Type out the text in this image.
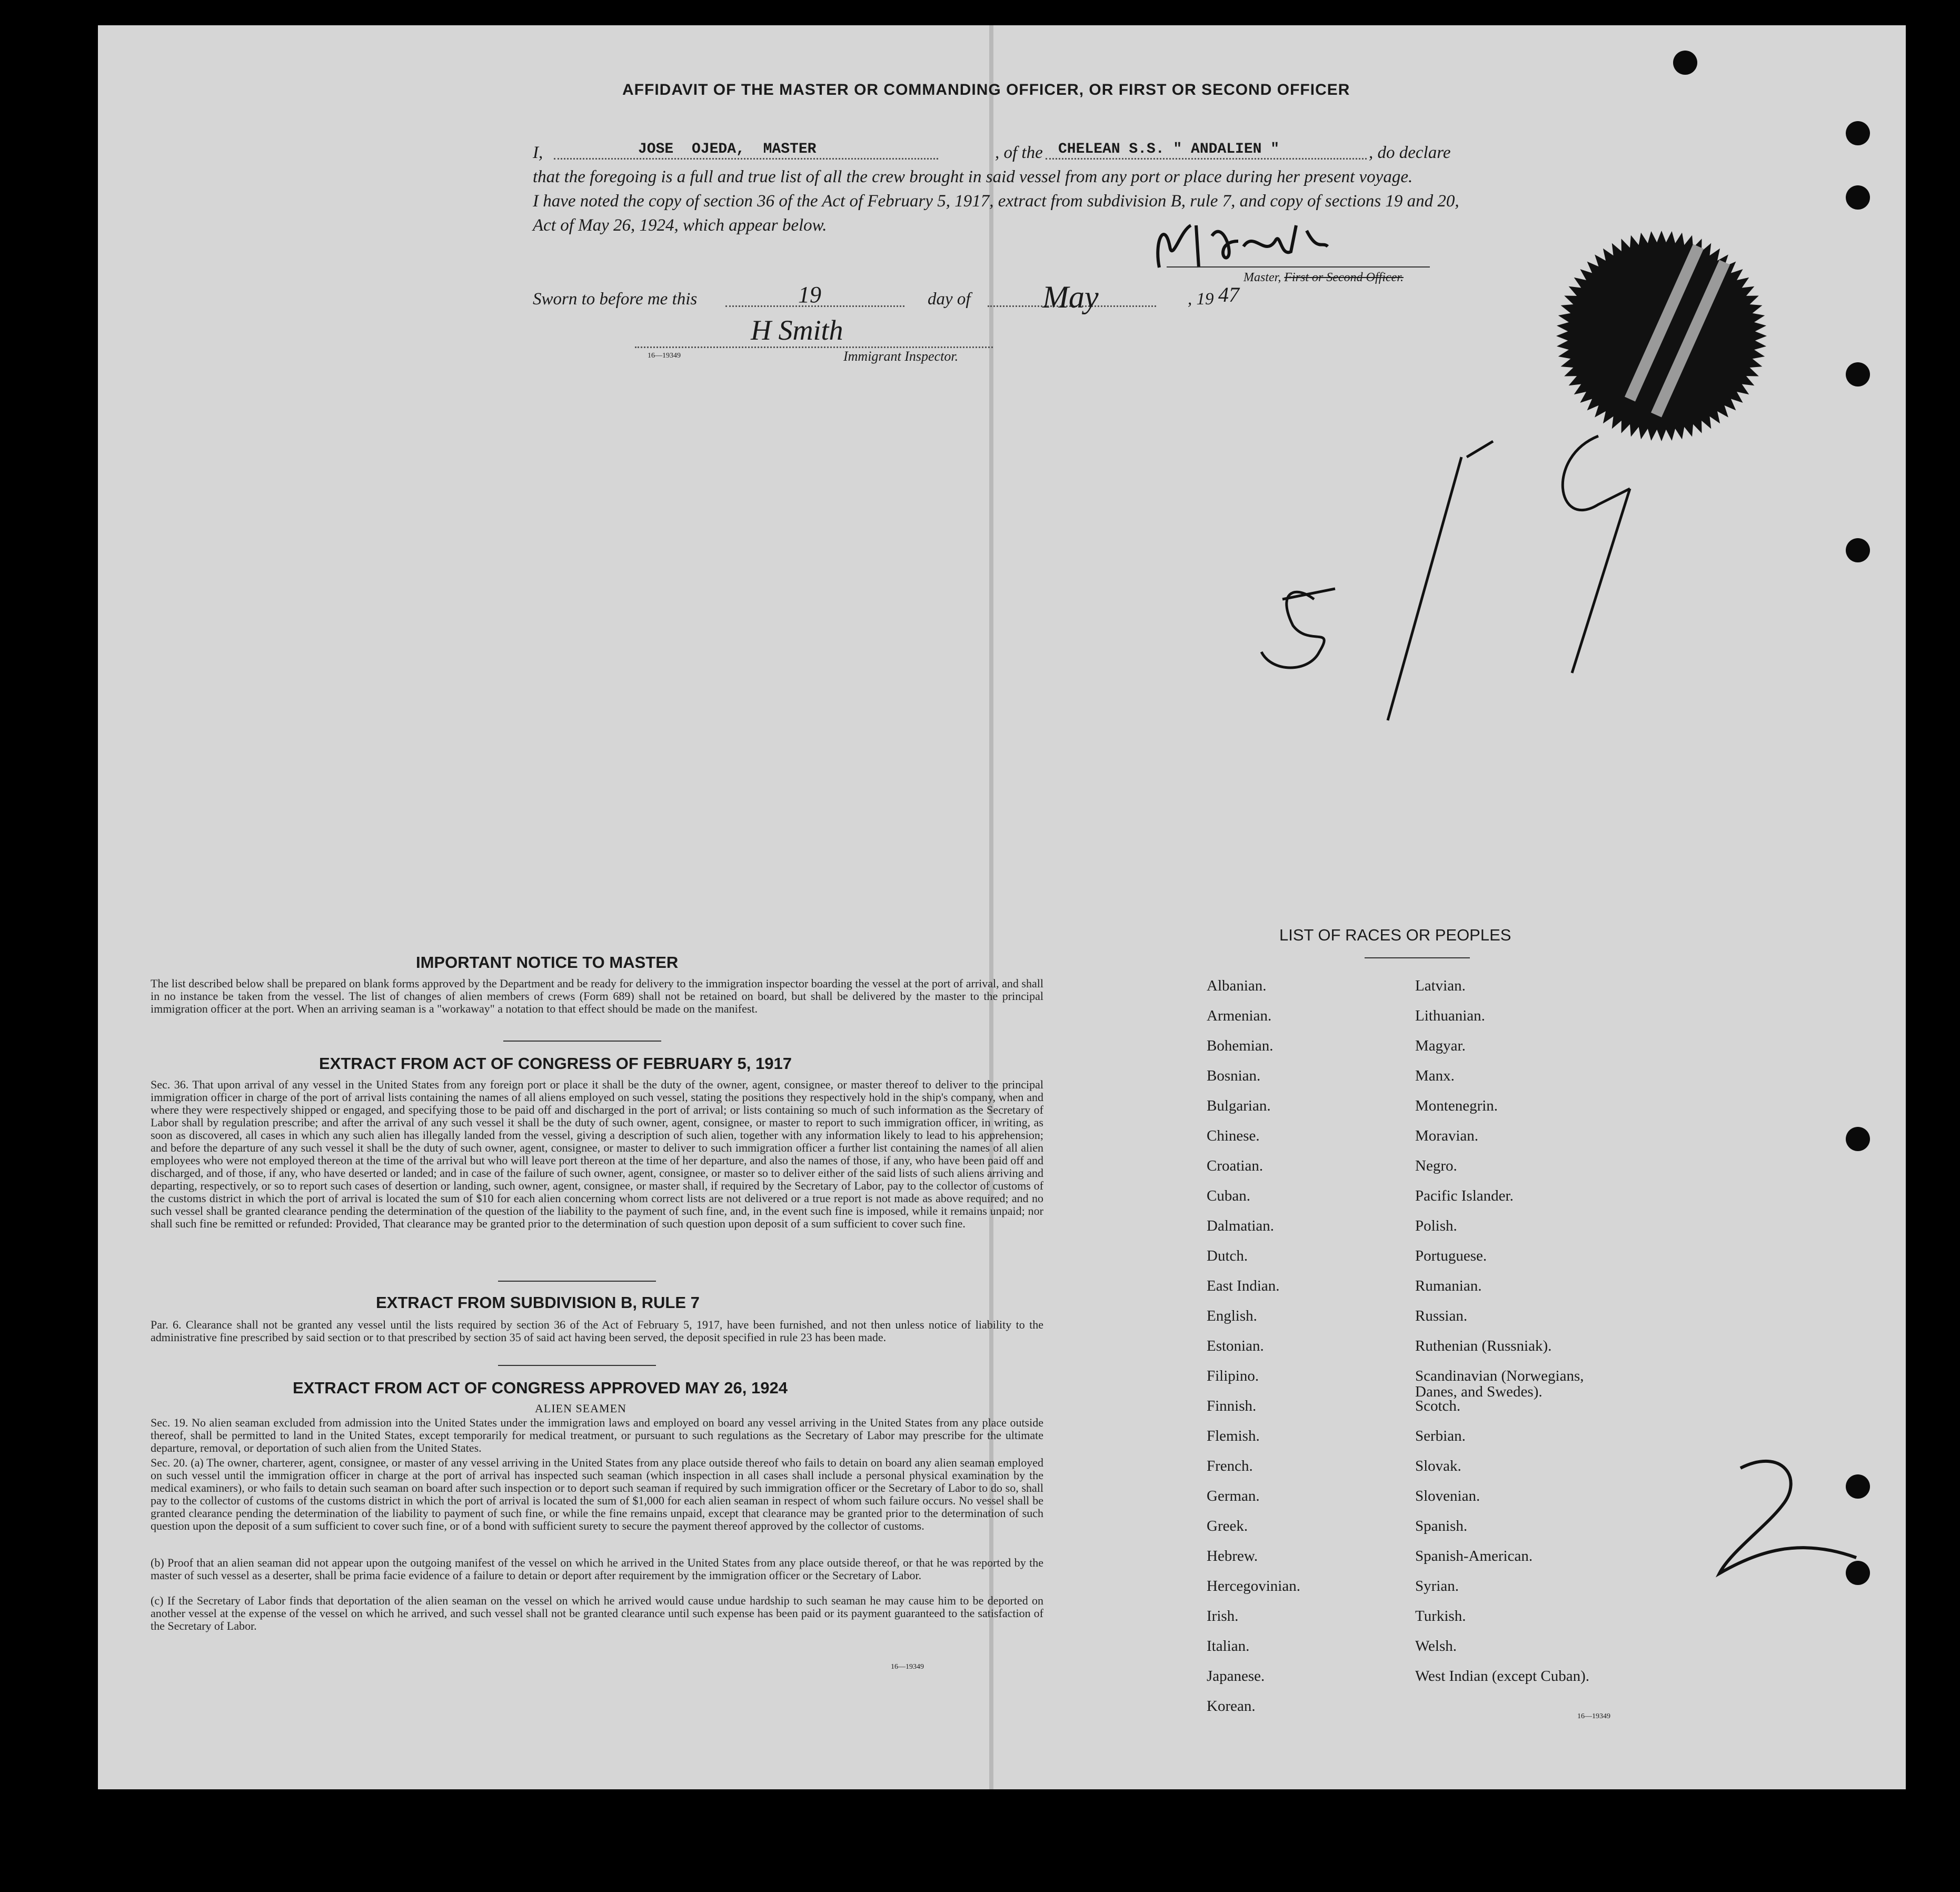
AFFIDAVIT OF THE MASTER OR COMMANDING OFFICER, OR FIRST OR SECOND OFFICER
I,	JOSE OJEDA, MASTER	, of the CHELEAN S.S. " ANDALIEN "	, do declare
that the foregoing is a full and true list of all the crew brought in said vessel from any port or place during her present voyage.
I have noted the copy of section 36 of the Act of February 5, 1917, extract from subdivision B, rule 7, and copy of sections 19 and 20,
Act of May 26, 1924, which appear below.
Master, First or Second Officer.
Sworn to before me this	19	day of May	, 19 47
H Smith
16—19349	Immigrant Inspector.
IMPORTANT NOTICE TO MASTER
The list described below shall be prepared on blank forms approved by the Department and be ready for delivery to the immigration inspector boarding the vessel at the port of arrival, and shall in no instance be taken from the vessel. The list of changes of alien members of crews (Form 689) shall not be retained on board, but shall be delivered by the master to the principal immigration officer at the port. When an arriving seaman is a "workaway" a notation to that effect should be made on the manifest.
EXTRACT FROM ACT OF CONGRESS OF FEBRUARY 5, 1917
Sec. 36. That upon arrival of any vessel in the United States from any foreign port or place it shall be the duty of the owner, agent, consignee, or master thereof to deliver to the principal immigration officer in charge of the port of arrival lists containing the names of all aliens employed on such vessel, stating the positions they respectively hold in the ship's company, when and where they were respectively shipped or engaged, and specifying those to be paid off and discharged in the port of arrival; or lists containing so much of such information as the Secretary of Labor shall by regulation prescribe; and after the arrival of any such vessel it shall be the duty of such owner, agent, consignee, or master to report to such immigration officer, in writing, as soon as discovered, all cases in which any such alien has illegally landed from the vessel, giving a description of such alien, together with any information likely to lead to his apprehension; and before the departure of any such vessel it shall be the duty of such owner, agent, consignee, or master to deliver to such immigration officer a further list containing the names of all alien employees who were not employed thereon at the time of the arrival but who will leave port thereon at the time of her departure, and also the names of those, if any, who have been paid off and discharged, and of those, if any, who have deserted or landed; and in case of the failure of such owner, agent, consignee, or master so to deliver either of the said lists of such aliens arriving and departing, respectively, or so to report such cases of desertion or landing, such owner, agent, consignee, or master shall, if required by the Secretary of Labor, pay to the collector of customs of the customs district in which the port of arrival is located the sum of $10 for each alien concerning whom correct lists are not delivered or a true report is not made as above required; and no such vessel shall be granted clearance pending the determination of the question of the liability to the payment of such fine, and, in the event such fine is imposed, while it remains unpaid; nor shall such fine be remitted or refunded: Provided, That clearance may be granted prior to the determination of such question upon deposit of a sum sufficient to cover such fine.
EXTRACT FROM SUBDIVISION B, RULE 7
Par. 6. Clearance shall not be granted any vessel until the lists required by section 36 of the Act of February 5, 1917, have been furnished, and not then unless notice of liability to the administrative fine prescribed by said section or to that prescribed by section 35 of said act having been served, the deposit specified in rule 23 has been made.
EXTRACT FROM ACT OF CONGRESS APPROVED MAY 26, 1924
ALIEN SEAMEN
Sec. 19. No alien seaman excluded from admission into the United States under the immigration laws and employed on board any vessel arriving in the United States from any place outside thereof, shall be permitted to land in the United States, except temporarily for medical treatment, or pursuant to such regulations as the Secretary of Labor may prescribe for the ultimate departure, removal, or deportation of such alien from the United States.
Sec. 20. (a) The owner, charterer, agent, consignee, or master of any vessel arriving in the United States from any place outside thereof who fails to detain on board any alien seaman employed on such vessel until the immigration officer in charge at the port of arrival has inspected such seaman (which inspection in all cases shall include a personal physical examination by the medical examiners), or who fails to detain such seaman on board after such inspection or to deport such seaman if required by such immigration officer or the Secretary of Labor to do so, shall pay to the collector of customs of the customs district in which the port of arrival is located the sum of $1,000 for each alien seaman in respect of whom such failure occurs. No vessel shall be granted clearance pending the determination of the liability to payment of such fine, or while the fine remains unpaid, except that clearance may be granted prior to the determination of such question upon the deposit of a sum sufficient to cover such fine, or of a bond with sufficient surety to secure the payment thereof approved by the collector of customs.
(b) Proof that an alien seaman did not appear upon the outgoing manifest of the vessel on which he arrived in the United States from any place outside thereof, or that he was reported by the master of such vessel as a deserter, shall be prima facie evidence of a failure to detain or deport after requirement by the immigration officer or the Secretary of Labor.
(c) If the Secretary of Labor finds that deportation of the alien seaman on the vessel on which he arrived would cause undue hardship to such seaman he may cause him to be deported on another vessel at the expense of the vessel on which he arrived, and such vessel shall not be granted clearance until such expense has been paid or its payment guaranteed to the satisfaction of the Secretary of Labor.
16—19349
LIST OF RACES OR PEOPLES
16—19349
Albanian.
Armenian.
Bohemian.
Bosnian.
Bulgarian.
Chinese.
Croatian.
Cuban.
Dalmatian.
Dutch.
East Indian.
English.
Estonian.
Filipino.
Finnish.
Flemish.
French.
German.
Greek.
Hebrew.
Hercegovinian.
Irish.
Italian.
Japanese.
Korean.
Latvian.
Lithuanian.
Magyar.
Manx.
Montenegrin.
Moravian.
Negro.
Pacific Islander.
Polish.
Portuguese.
Rumanian.
Russian.
Ruthenian (Russniak).
Scandinavian (Norwegians,
Danes, and Swedes).
Scotch.
Serbian.
Slovak.
Slovenian.
Spanish.
Spanish-American.
Syrian.
Turkish.
Welsh.
West Indian (except Cuban).
